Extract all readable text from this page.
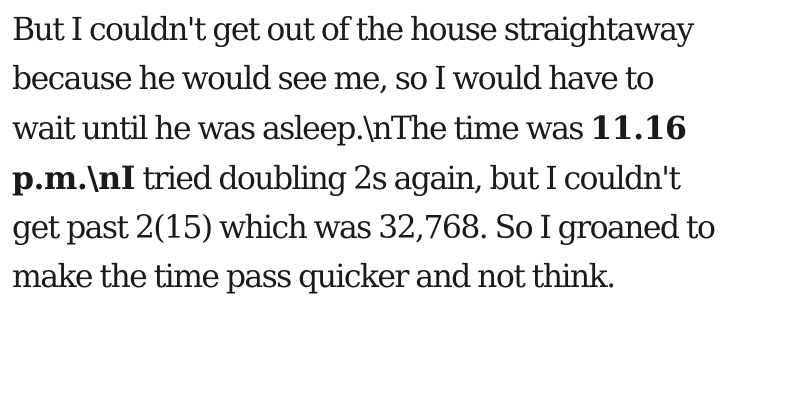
But I couldn't get out of the house straightaway
because he would see me, so I would have to
wait until he was asleep.\nThe time was 11.16
p.m.\nI tried doubling 2s again, but I couldn't
get past 2(15) which was 32,768. So I groaned to
make the time pass quicker and not think.
